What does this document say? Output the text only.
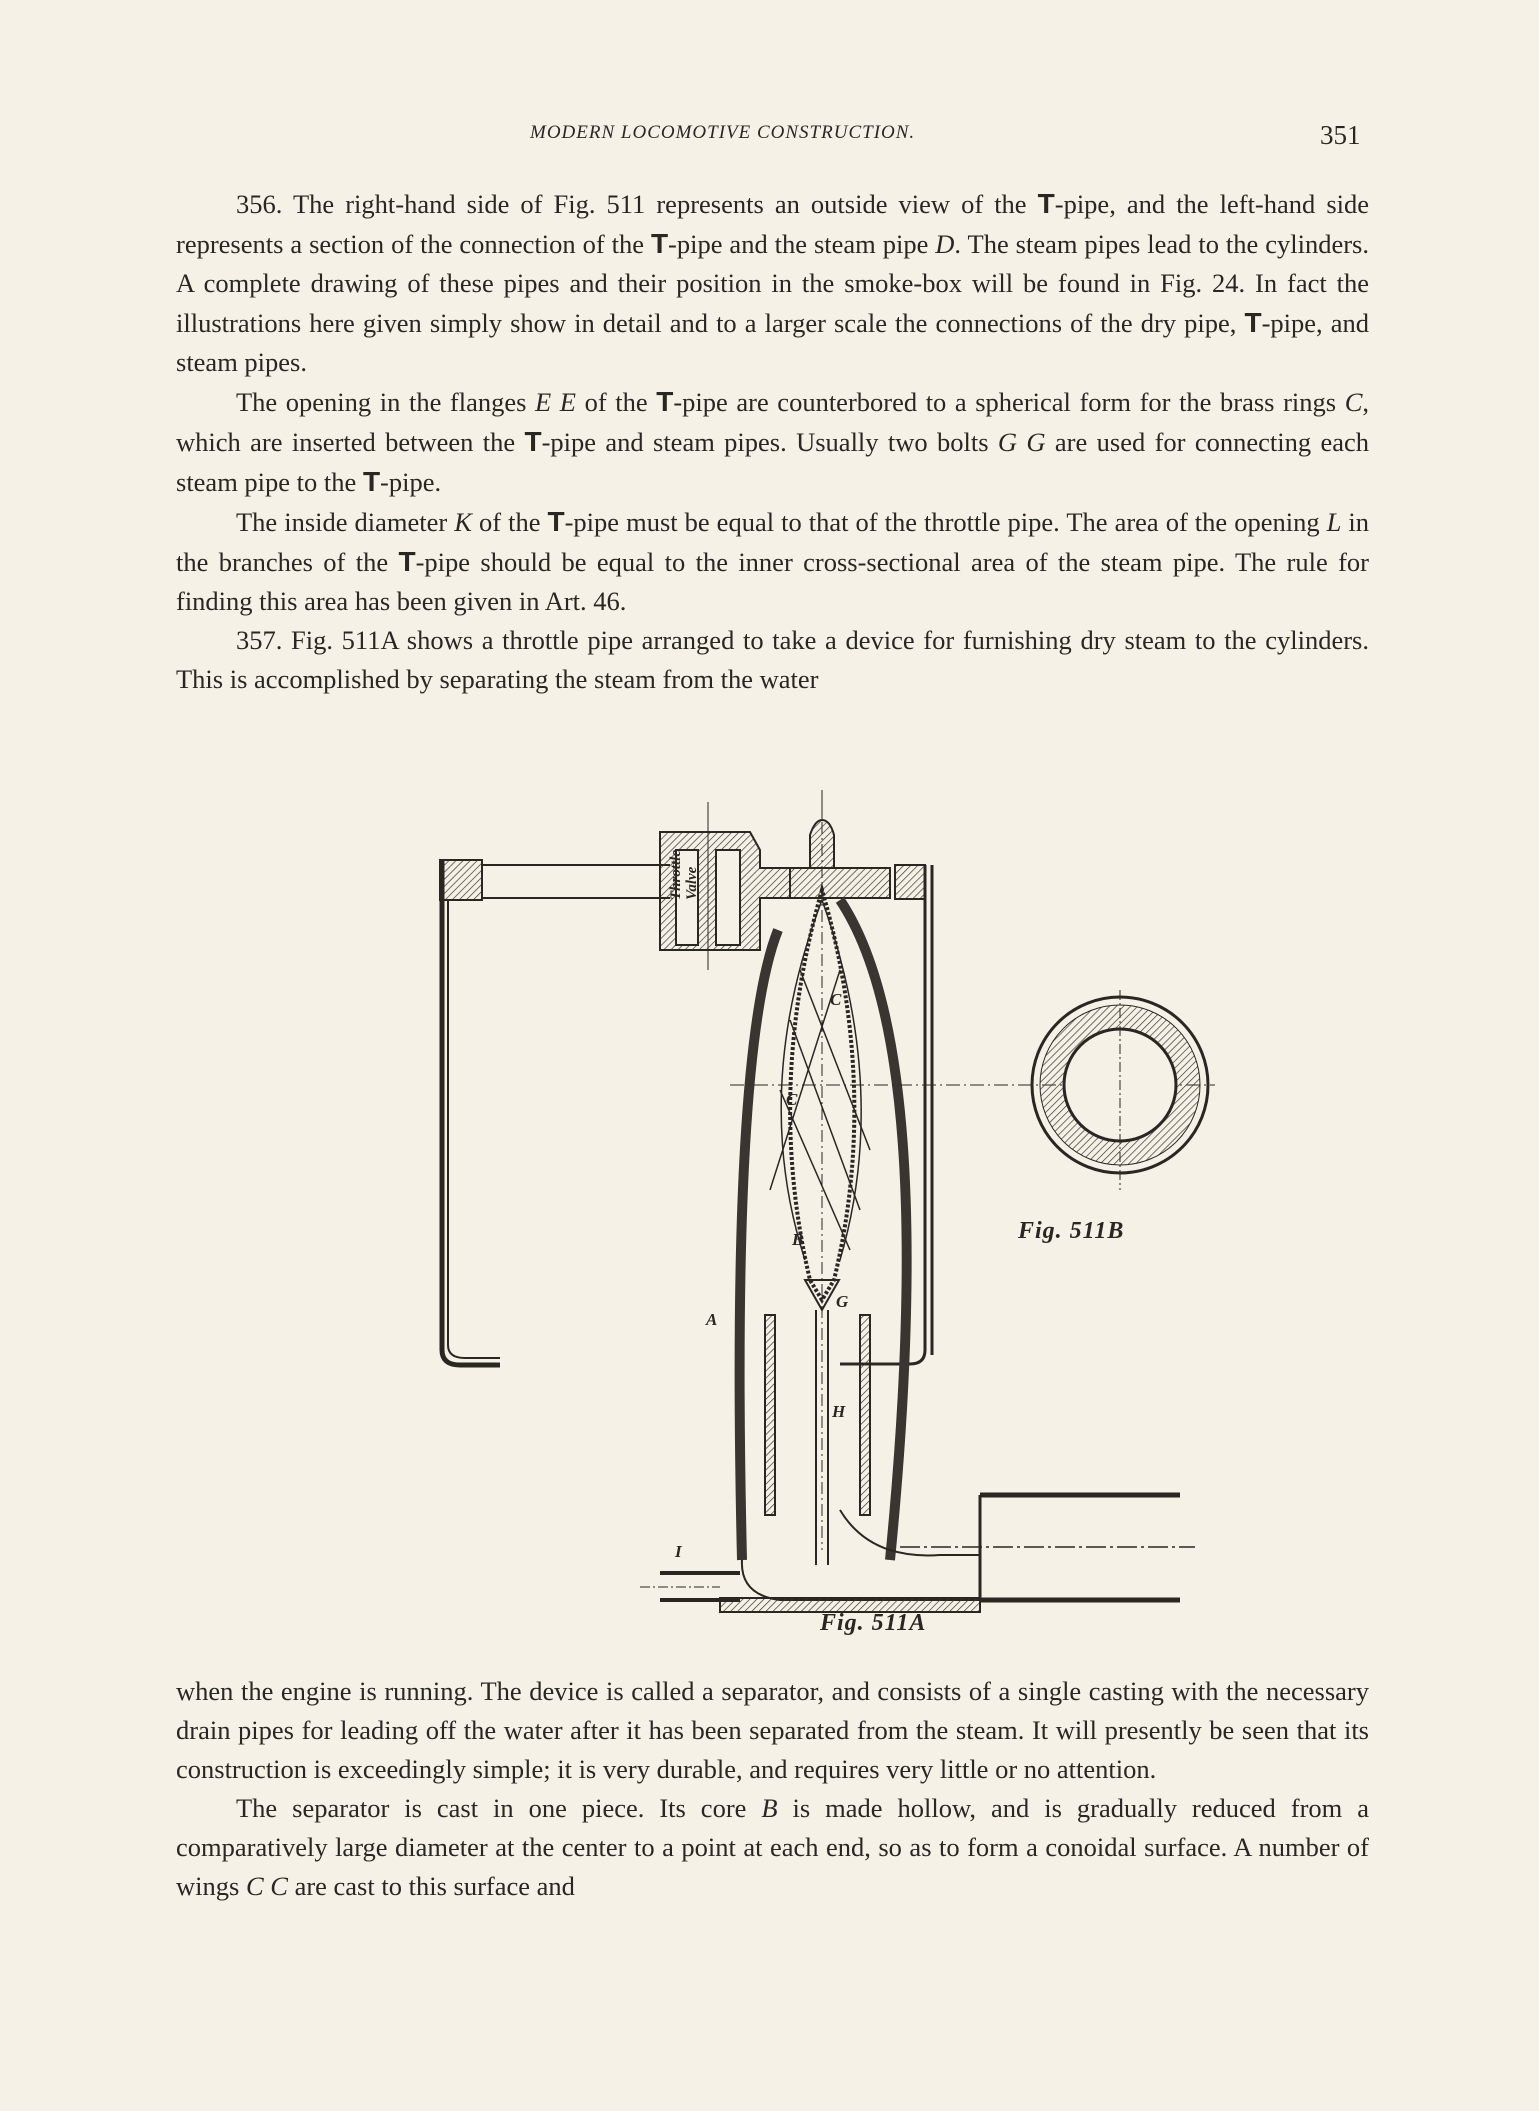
MODERN LOCOMOTIVE CONSTRUCTION.	351

356. The right-hand side of Fig. 511 represents an outside view of the T-pipe, and the left-hand side represents a section of the connection of the T-pipe and the steam pipe D. The steam pipes lead to the cylinders. A complete drawing of these pipes and their position in the smoke-box will be found in Fig. 24. In fact the illustrations here given simply show in detail and to a larger scale the connections of the dry pipe, T-pipe, and steam pipes.

The opening in the flanges E E of the T-pipe are counterbored to a spherical form for the brass rings C, which are inserted between the T-pipe and steam pipes. Usually two bolts G G are used for connecting each steam pipe to the T-pipe.

The inside diameter K of the T-pipe must be equal to that of the throttle pipe. The area of the opening L in the branches of the T-pipe should be equal to the inner cross-sectional area of the steam pipe. The rule for finding this area has been given in Art. 46.

357. Fig. 511A shows a throttle pipe arranged to take a device for furnishing dry steam to the cylinders. This is accomplished by separating the steam from the water

Throttle Valve
C
C
B
G
A
H
I
Fig. 511B
Fig. 511A

when the engine is running. The device is called a separator, and consists of a single casting with the necessary drain pipes for leading off the water after it has been separated from the steam. It will presently be seen that its construction is exceedingly simple; it is very durable, and requires very little or no attention.

The separator is cast in one piece. Its core B is made hollow, and is gradually reduced from a comparatively large diameter at the center to a point at each end, so as to form a conoidal surface. A number of wings C C are cast to this surface and
